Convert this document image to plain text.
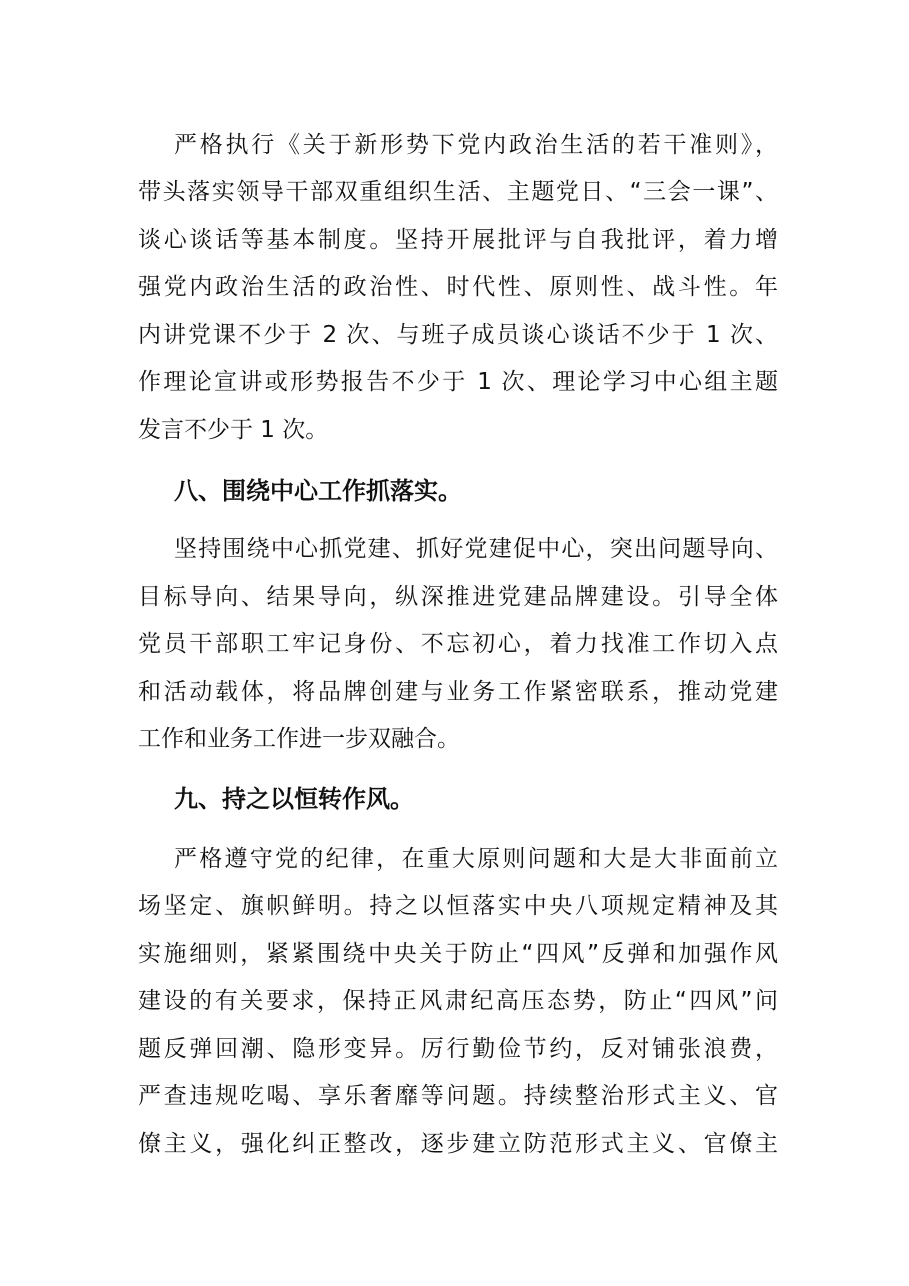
严格执行《关于新形势下党内政治生活的若干准则》，

带头落实领导干部双重组织生活、主题党日、“三会一课”、

谈心谈话等基本制度。坚持开展批评与自我批评，着力增

强党内政治生活的政治性、时代性、原则性、战斗性。年

内讲党课不少于 2 次、与班子成员谈心谈话不少于 1 次、

作理论宣讲或形势报告不少于 1 次、理论学习中心组主题

发言不少于 1 次。

八、围绕中心工作抓落实。

坚持围绕中心抓党建、抓好党建促中心，突出问题导向、

目标导向、结果导向，纵深推进党建品牌建设。引导全体

党员干部职工牢记身份、不忘初心，着力找准工作切入点

和活动载体，将品牌创建与业务工作紧密联系，推动党建

工作和业务工作进一步双融合。

九、持之以恒转作风。

严格遵守党的纪律，在重大原则问题和大是大非面前立

场坚定、旗帜鲜明。持之以恒落实中央八项规定精神及其

实施细则，紧紧围绕中央关于防止“四风”反弹和加强作风

建设的有关要求，保持正风肃纪高压态势，防止“四风”问

题反弹回潮、隐形变异。厉行勤俭节约，反对铺张浪费，

严查违规吃喝、享乐奢靡等问题。持续整治形式主义、官

僚主义，强化纠正整改，逐步建立防范形式主义、官僚主
